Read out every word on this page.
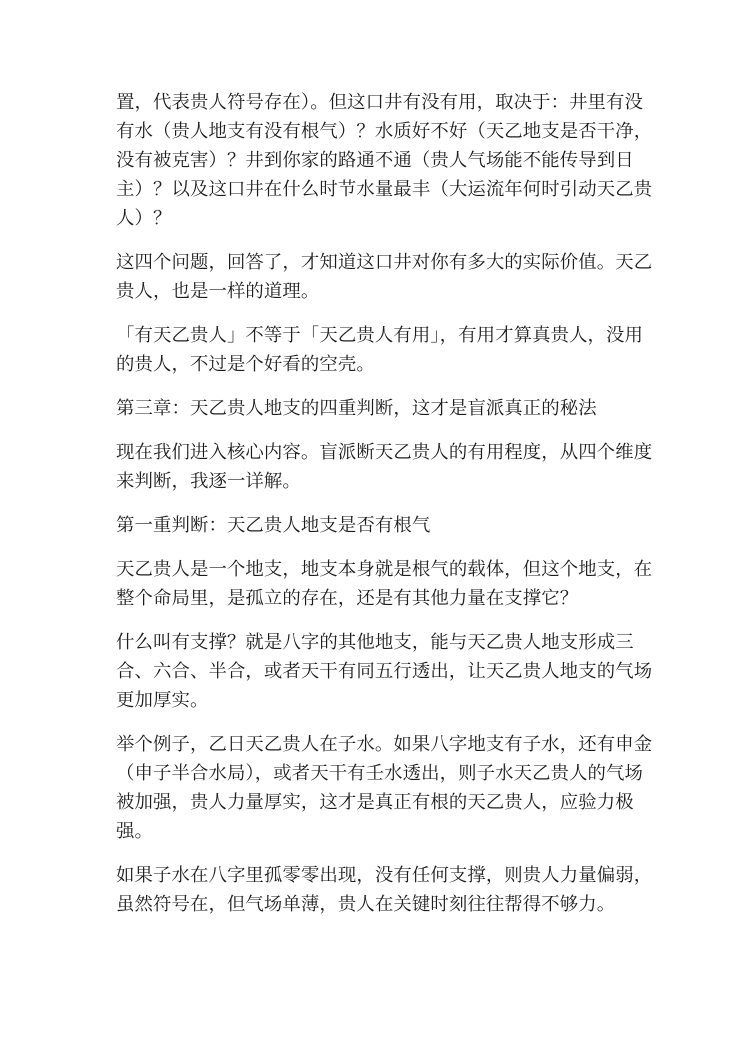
置，代表贵人符号存在）。但这口井有没有用，取决于：井里有没
有水（贵人地支有没有根气）？水质好不好（天乙地支是否干净，
没有被克害）？井到你家的路通不通（贵人气场能不能传导到日
主）？以及这口井在什么时节水量最丰（大运流年何时引动天乙贵
人）？

这四个问题，回答了，才知道这口井对你有多大的实际价值。天乙
贵人，也是一样的道理。

「有天乙贵人」不等于「天乙贵人有用」，有用才算真贵人，没用
的贵人，不过是个好看的空壳。

第三章：天乙贵人地支的四重判断，这才是盲派真正的秘法

现在我们进入核心内容。盲派断天乙贵人的有用程度，从四个维度
来判断，我逐一详解。

第一重判断：天乙贵人地支是否有根气

天乙贵人是一个地支，地支本身就是根气的载体，但这个地支，在
整个命局里，是孤立的存在，还是有其他力量在支撑它？

什么叫有支撑？就是八字的其他地支，能与天乙贵人地支形成三
合、六合、半合，或者天干有同五行透出，让天乙贵人地支的气场
更加厚实。

举个例子，乙日天乙贵人在子水。如果八字地支有子水，还有申金
（申子半合水局），或者天干有壬水透出，则子水天乙贵人的气场
被加强，贵人力量厚实，这才是真正有根的天乙贵人，应验力极
强。

如果子水在八字里孤零零出现，没有任何支撑，则贵人力量偏弱，
虽然符号在，但气场单薄，贵人在关键时刻往往帮得不够力。
